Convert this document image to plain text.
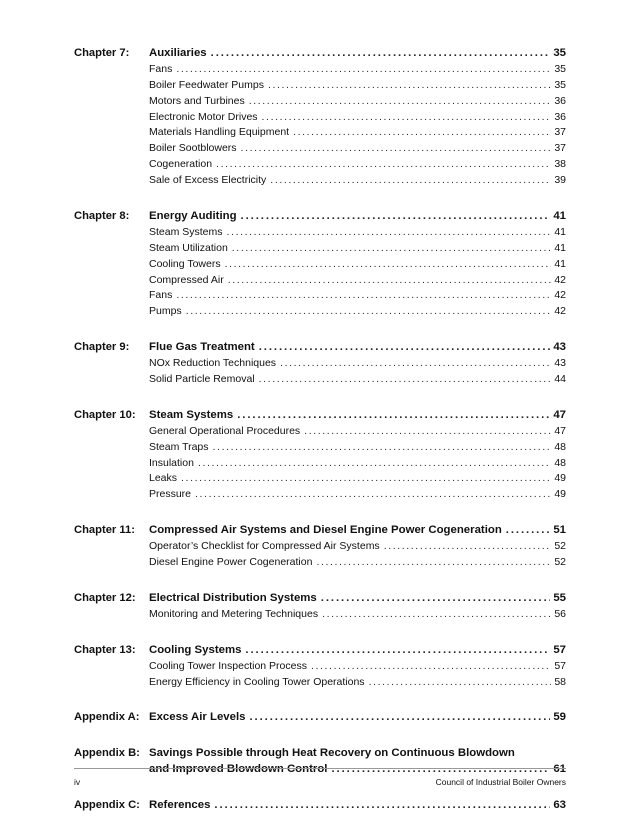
Chapter 7:	Auxiliaries .....	35
Fans .....	35
Boiler Feedwater Pumps .....	35
Motors and Turbines .....	36
Electronic Motor Drives .....	36
Materials Handling Equipment .....	37
Boiler Sootblowers .....	37
Cogeneration .....	38
Sale of Excess Electricity .....	39
Chapter 8:	Energy Auditing .....	41
Steam Systems .....	41
Steam Utilization .....	41
Cooling Towers .....	41
Compressed Air .....	42
Fans .....	42
Pumps .....	42
Chapter 9:	Flue Gas Treatment .....	43
NOx Reduction Techniques .....	43
Solid Particle Removal .....	44
Chapter 10:	Steam Systems .....	47
General Operational Procedures .....	47
Steam Traps .....	48
Insulation .....	48
Leaks .....	49
Pressure .....	49
Chapter 11:	Compressed Air Systems and Diesel Engine Power Cogeneration .....	51
Operator’s Checklist for Compressed Air Systems .....	52
Diesel Engine Power Cogeneration .....	52
Chapter 12:	Electrical Distribution Systems .....	55
Monitoring and Metering Techniques .....	56
Chapter 13:	Cooling Systems .....	57
Cooling Tower Inspection Process .....	57
Energy Efficiency in Cooling Tower Operations .....	58
Appendix A: Excess Air Levels .....	59
Appendix B: Savings Possible through Heat Recovery on Continuous Blowdown
and Improved Blowdown Control .....	61
Appendix C: References .....	63
iv	Council of Industrial Boiler Owners
